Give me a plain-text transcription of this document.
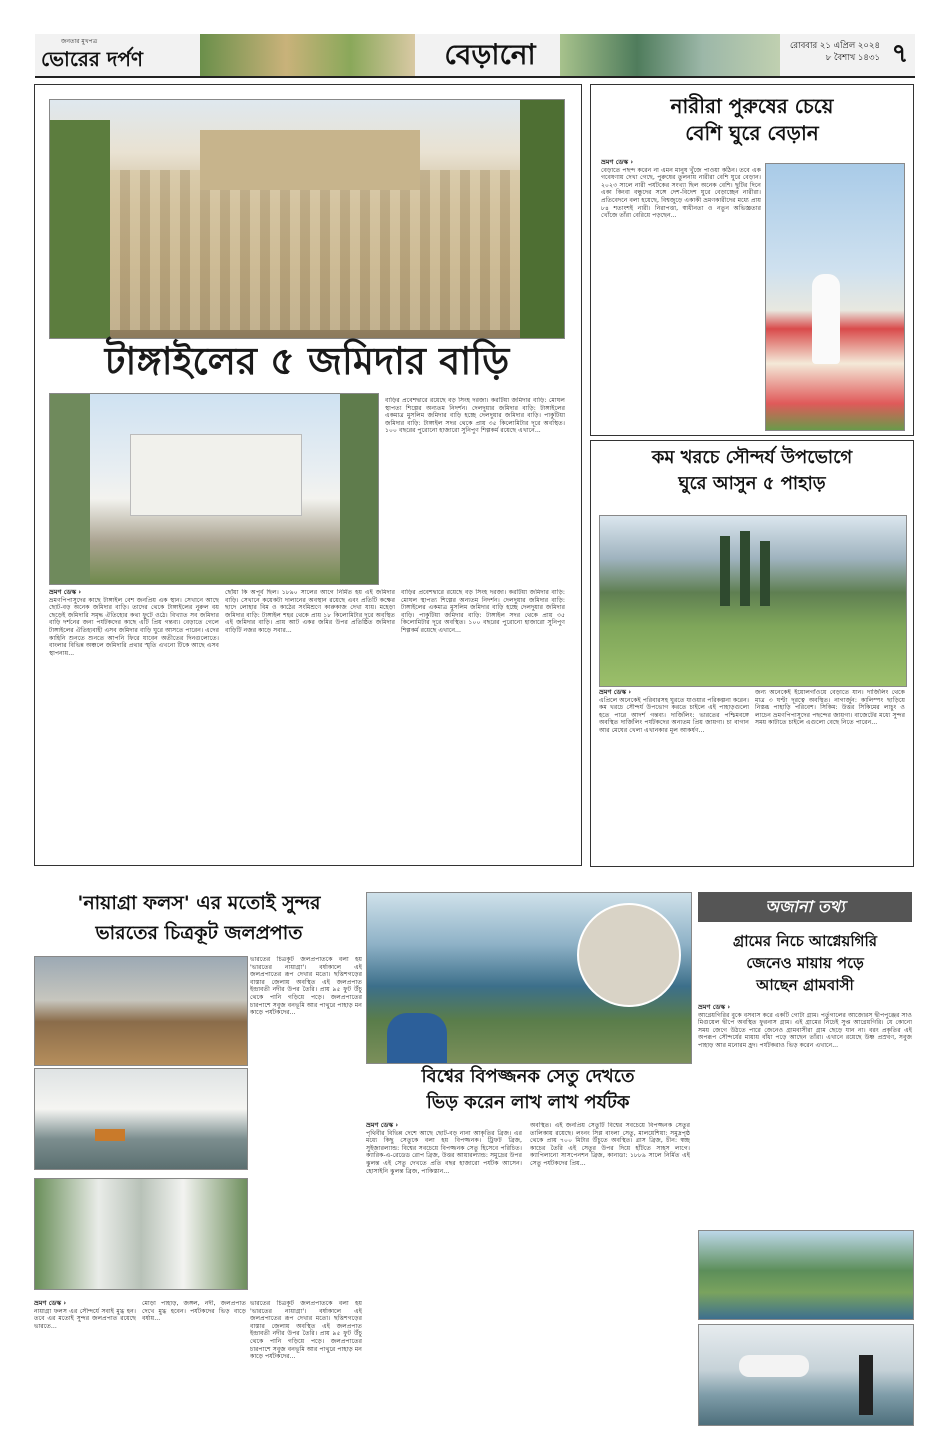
জনতার মুখপত্র
ভোরের দর্পণ	বেড়ানো	রোববার ২১ এপ্রিল ২০২৪
৮ বৈশাখ ১৪৩১ ৭
টাঙ্গাইলের ৫ জমিদার বাড়ি
বাড়ির প্রবেশদ্বারে রয়েছে বড় সিংহ দরজা। করটিয়া জমিদার বাড়ি: মোঘল স্থাপত্য শিল্পের অন্যতম নিদর্শন। দেলদুয়ার জমিদার বাড়ি: টাঙ্গাইলের একমাত্র মুসলিম জমিদার বাড়ি হচ্ছে দেলদুয়ার জমিদার বাড়ি। পাকুটিয়া জমিদার বাড়ি: টাঙ্গাইল সদর থেকে প্রায় ৩৫ কিলোমিটার দূরে অবস্থিত। ১০০ বছরের পুরোনো হাজারো সুনিপুণ শিল্পকর্ম রয়েছে এখানে...
ভ্রমণ ডেস্ক ›
ভ্রমণপিপাসুদের কাছে টাঙ্গাইল বেশ জনপ্রিয় এক স্থান। সেখানে আছে ছোট-বড় অনেক জমিদার বাড়ি। তাদের থেকে টাঙ্গাইলের নুরুল বয় ছেড়েই জমিদারি সমৃদ্ধ ঐতিহ্যের কথা ফুটে ওঠে। বিখ্যাত সব জমিদার বাড়ি দর্শনের জন্য পর্যটকদের কাছে এটি প্রিয় গন্তব্য। বেড়াতে গেলে টাঙ্গাইলের ঐতিহ্যবাহী এসব জমিদার বাড়ি ঘুরে আসতে পারেন। এদের কাহিনি শুনতে শুনতে আপনি ফিরে যাবেন অতীতের দিনগুলোতে। বাংলার বিভিন্ন অঞ্চলে জমিদারি প্রথার স্মৃতি এখনো টিকে আছে এসব স্থাপনায়...
ছোঁয়া কি অপূর্ব ছিল। ১৮৯০ সালের আগে নির্মিত হয় এই জমিদার বাড়ি। সেখানে কয়েকটা দালানের অবস্থান রয়েছে এবং প্রতিটি কক্ষের ছাদে লোহার বিম ও কাঠের সংমিশ্রণে কারুকাজ দেখা যায়। মহেড়া জমিদার বাড়ি: টাঙ্গাইল শহর থেকে প্রায় ১৮ কিলোমিটার দূরে অবস্থিত এই জমিদার বাড়ি। প্রায় আট একর জমির উপর প্রতিষ্ঠিত জমিদার বাড়িটি নজর কাড়ে সবার...
বাড়ির প্রবেশদ্বারে রয়েছে বড় সিংহ দরজা। করটিয়া জমিদার বাড়ি: মোঘল স্থাপত্য শিল্পের অন্যতম নিদর্শন। দেলদুয়ার জমিদার বাড়ি: টাঙ্গাইলের একমাত্র মুসলিম জমিদার বাড়ি হচ্ছে দেলদুয়ার জমিদার বাড়ি। পাকুটিয়া জমিদার বাড়ি: টাঙ্গাইল সদর থেকে প্রায় ৩৫ কিলোমিটার দূরে অবস্থিত। ১০০ বছরের পুরোনো হাজারো সুনিপুণ শিল্পকর্ম রয়েছে এখানে...
নারীরা পুরুষের চেয়ে
বেশি ঘুরে বেড়ান
ভ্রমণ ডেস্ক ›
বেড়াতে পছন্দ করেন না এমন মানুষ খুঁজে পাওয়া কঠিন। তবে এক গবেষণায় দেখা গেছে, পুরুষের তুলনায় নারীরা বেশি ঘুরে বেড়ান। ২০২৩ সালে নারী পর্যটকের সংখ্যা ছিল অনেক বেশি। ছুটির দিনে একা কিংবা বন্ধুদের সঙ্গে দেশ-বিদেশ ঘুরে বেড়াচ্ছেন নারীরা। প্রতিবেদনে বলা হয়েছে, বিশ্বজুড়ে একাকী ভ্রমণকারীদের মধ্যে প্রায় ৮৪ শতাংশই নারী। নিরাপত্তা, স্বাধীনতা ও নতুন অভিজ্ঞতার খোঁজে তাঁরা বেরিয়ে পড়ছেন...
কম খরচে সৌন্দর্য উপভোগে
ঘুরে আসুন ৫ পাহাড়
ভ্রমণ ডেস্ক ›
এপ্রিলে অনেকেই পরিবারসহ ঘুরতে যাওয়ার পরিকল্পনা করেন। কম খরচে সৌন্দর্য উপভোগ করতে চাইলে এই পাহাড়গুলো হতে পারে আদর্শ গন্তব্য। দার্জিলিং: ভারতের পশ্চিমবঙ্গে অবস্থিত দার্জিলিং পর্যটকদের অন্যতম প্রিয় জায়গা। চা বাগান আর মেঘের খেলা এখানকার মূল আকর্ষণ...
জন্য অনেকেই ইয়োলগাঁওয়ে বেড়াতে যান। দার্জিলিং থেকে মাত্র ৩ ঘণ্টা দূরত্বে অবস্থিত। নাগার্জুন: কালিম্পং ছাড়িয়ে নিস্তব্ধ পাহাড়ি পরিবেশ। সিকিম: উত্তর সিকিমের লাচুং ও লাচেন ভ্রমণপিপাসুদের পছন্দের জায়গা। বাজেটের মধ্যে সুন্দর সময় কাটাতে চাইলে এগুলো বেছে নিতে পারেন...
'নায়াগ্রা ফলস' এর মতোই সুন্দর
ভারতের চিত্রকূট জলপ্রপাত
ভারতের চিত্রকূট জলপ্রপাতকে বলা হয় 'ভারতের নায়াগ্রা'। বর্ষাকালে এই জলপ্রপাতের রূপ দেখার মতো। ছত্তিশগড়ের বাস্তার জেলায় অবস্থিত এই জলপ্রপাত ইন্দ্রাবতী নদীর উপর তৈরি। প্রায় ৯৫ ফুট উঁচু থেকে পানি গড়িয়ে পড়ে। জলপ্রপাতের চারপাশে সবুজ বনভূমি আর পাথুরে পাহাড় মন কাড়ে পর্যটকদের...
ভ্রমণ ডেস্ক ›
নায়াগ্রা ফলস এর সৌন্দর্যে সবাই মুগ্ধ হন। তবে এর মতোই সুন্দর জলপ্রপাত রয়েছে ভারতে...
মোড়া পাহাড়, জঙ্গল, নদী, জলপ্রপাত দেখে মুগ্ধ হবেন। পর্যটকদের ভিড় বাড়ে বর্ষায়...
ভারতের চিত্রকূট জলপ্রপাতকে বলা হয় 'ভারতের নায়াগ্রা'। বর্ষাকালে এই জলপ্রপাতের রূপ দেখার মতো। ছত্তিশগড়ের বাস্তার জেলায় অবস্থিত এই জলপ্রপাত ইন্দ্রাবতী নদীর উপর তৈরি। প্রায় ৯৫ ফুট উঁচু থেকে পানি গড়িয়ে পড়ে। জলপ্রপাতের চারপাশে সবুজ বনভূমি আর পাথুরে পাহাড় মন কাড়ে পর্যটকদের...
বিশ্বের বিপজ্জনক সেতু দেখতে
ভিড় করেন লাখ লাখ পর্যটক
ভ্রমণ ডেস্ক ›
পৃথিবীর বিভিন্ন দেশে আছে ছোট-বড় নানা আকৃতির ব্রিজ। এর মধ্যে কিছু সেতুকে বলা হয় বিপজ্জনক। ট্রিফট ব্রিজ, সুইজারল্যান্ড: বিশ্বের সবচেয়ে বিপজ্জনক সেতু হিসেবে পরিচিত। ক্যারিক-এ-রেডেড রোপ ব্রিজ, উত্তর আয়ারল্যান্ড: সমুদ্রের উপর ঝুলন্ত এই সেতু দেখতে প্রতি বছর হাজারো পর্যটক আসেন। হোসাইনি ঝুলন্ত ব্রিজ, পাকিস্তান...
অবস্থিত। এই জনপ্রিয় সেতুটি বিশ্বের সবচেয়ে বিপজ্জনক সেতুর তালিকায় রয়েছে। লংনং সিপ্ল বাংলা সেতু, মালয়েশিয়া: সমুদ্রপৃষ্ঠ থেকে প্রায় ৭০০ মিটার উঁচুতে অবস্থিত। গ্লাস ব্রিজ, চীন: স্বচ্ছ কাচের তৈরি এই সেতুর উপর দিয়ে হাঁটতে সাহস লাগে। ক্যাপিলানো সাসপেনশন ব্রিজ, কানাডা: ১৮৮৯ সালে নির্মিত এই সেতু পর্যটকদের প্রিয়...
অজানা তথ্য
গ্রামের নিচে আগ্নেয়গিরি
জেনেও মায়ায় পড়ে
আছেন গ্রামবাসী
ভ্রমণ ডেস্ক ›
আগ্নেয়গিরির বুকে বসবাস করে একটি গোটা গ্রাম। পর্তুগালের আজোরস দ্বীপপুঞ্জের সাও মিগুয়েল দ্বীপে অবস্থিত ফুরনাস গ্রাম। এই গ্রামের নিচেই সুপ্ত আগ্নেয়গিরি। যে কোনো সময় জেগে উঠতে পারে জেনেও গ্রামবাসীরা গ্রাম ছেড়ে যান না। বরং প্রকৃতির এই অপরূপ সৌন্দর্যের মায়ায় বাঁধা পড়ে আছেন তাঁরা। এখানে রয়েছে উষ্ণ প্রস্রবণ, সবুজ পাহাড় আর মনোরম হ্রদ। পর্যটকরাও ভিড় করেন এখানে...
